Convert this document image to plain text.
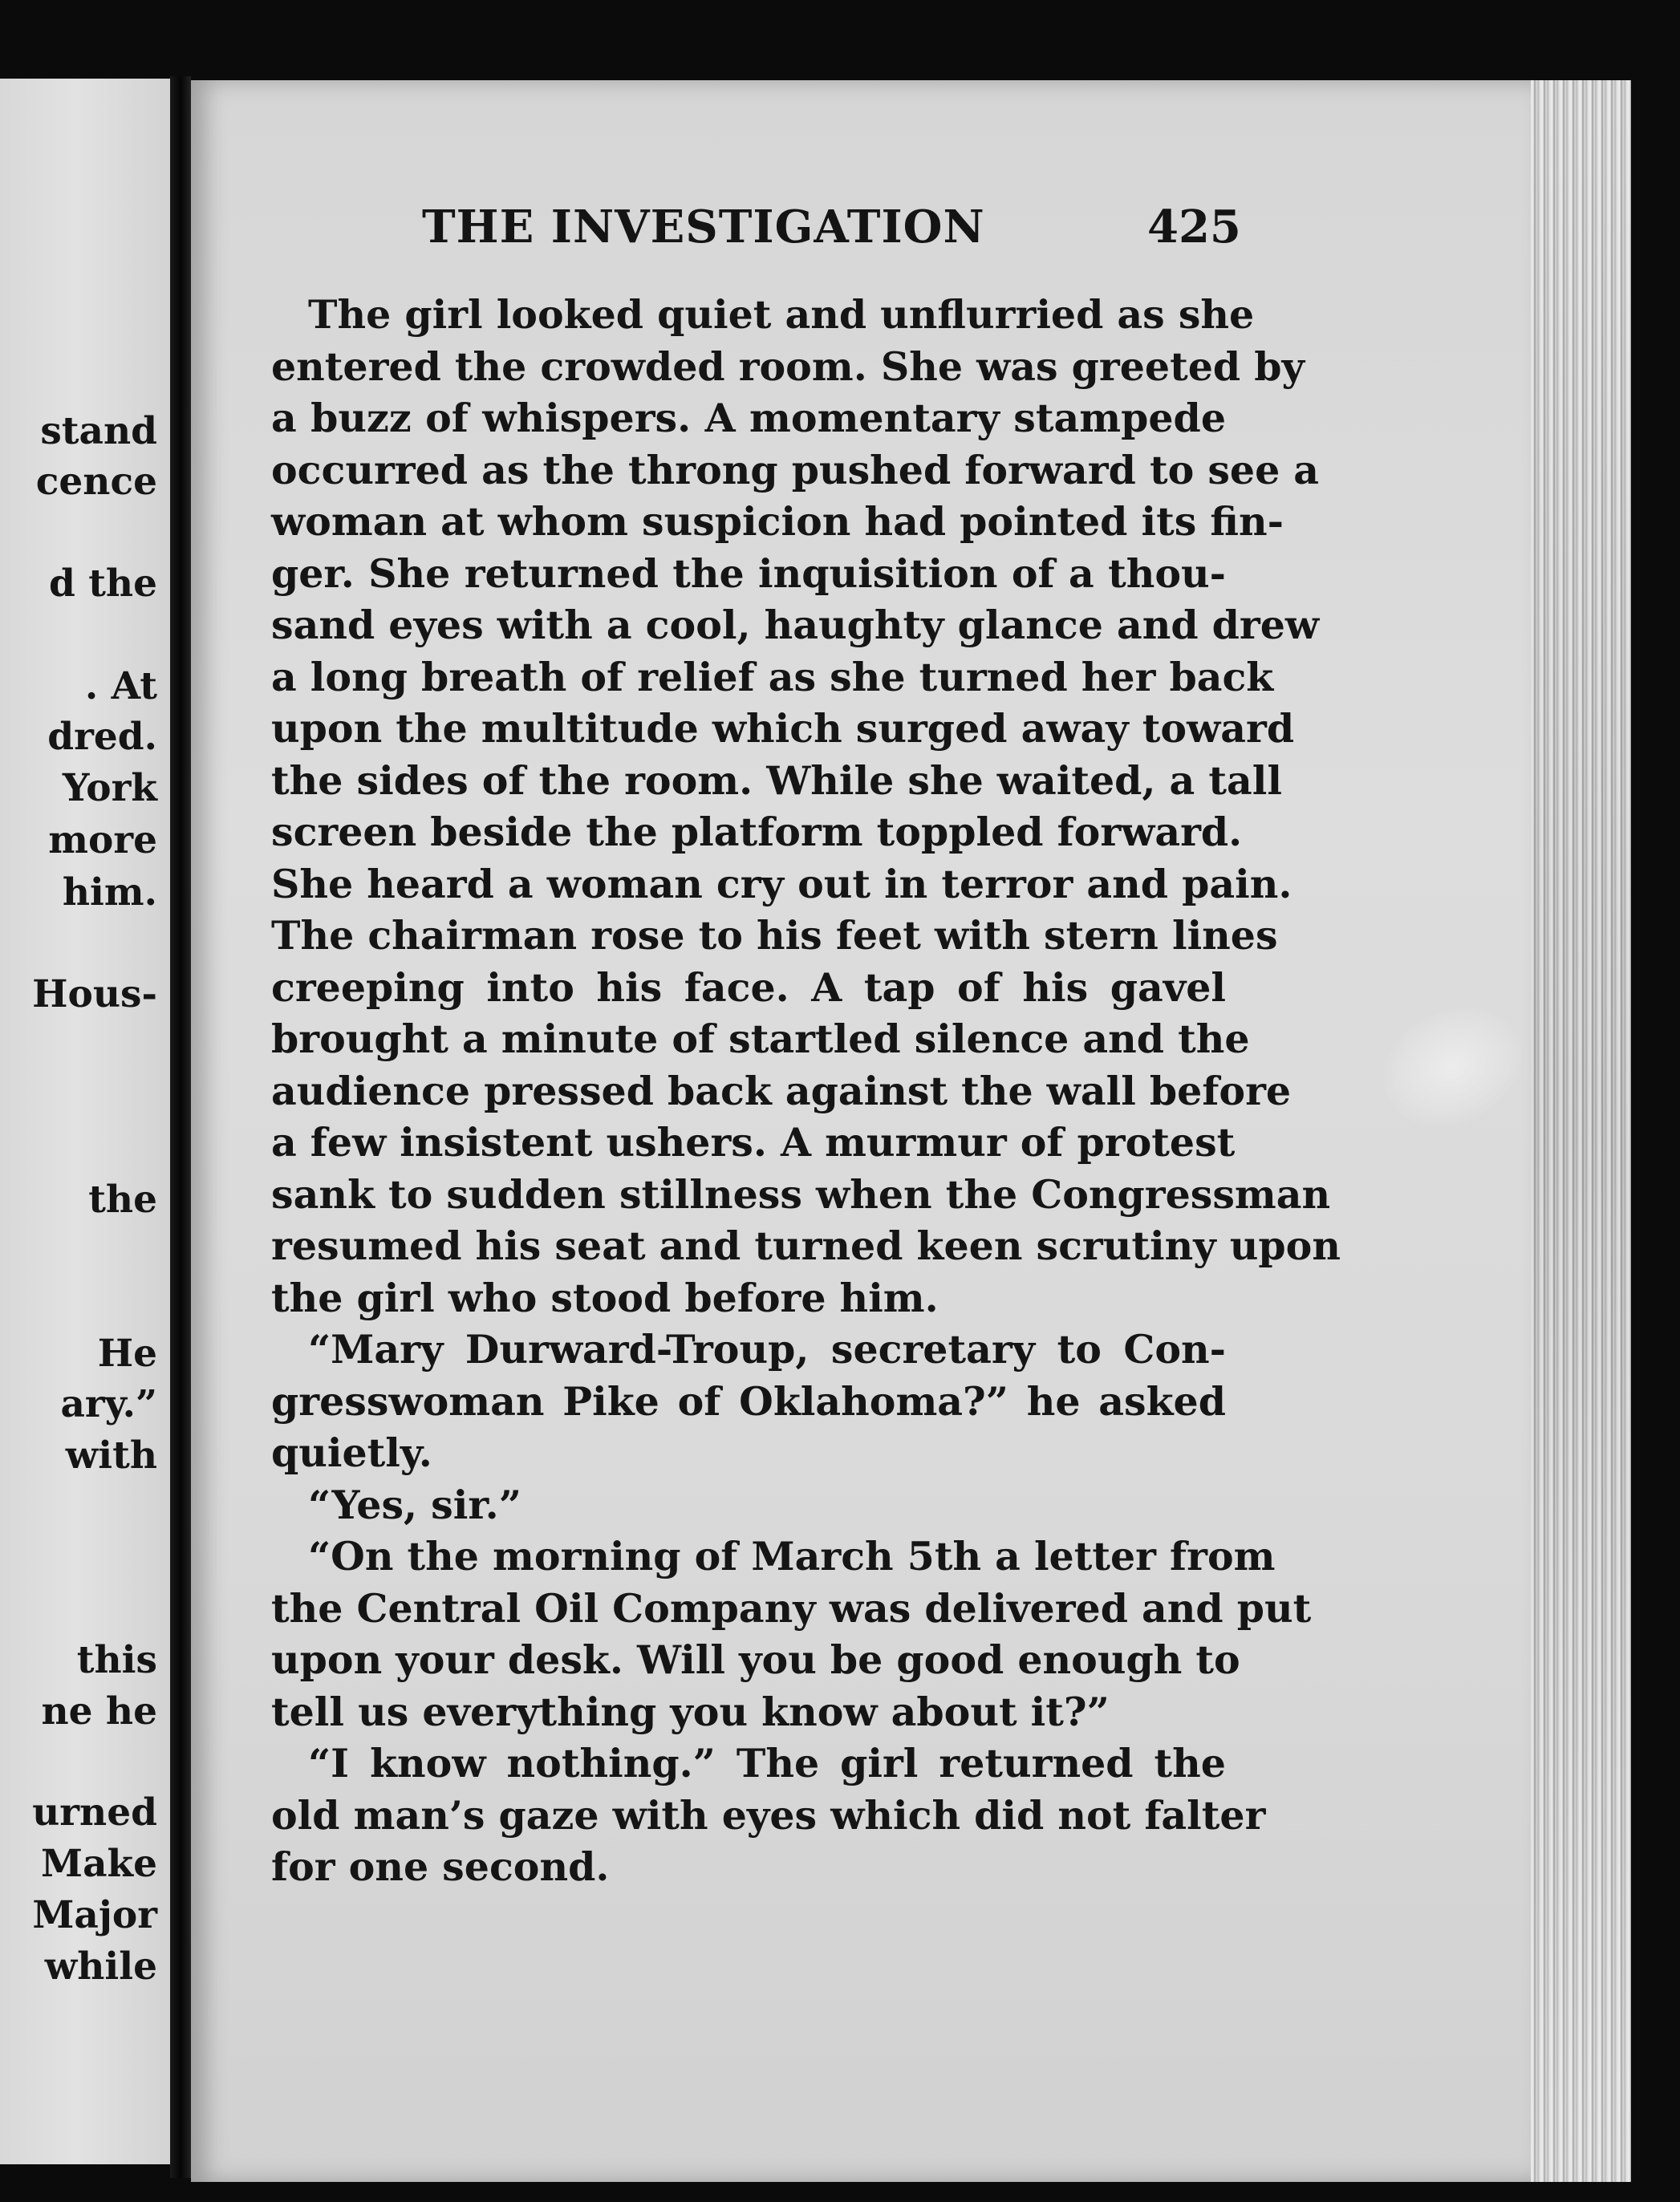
stand
cence
d the
. At
dred.
York
more
him.
Hous-
the
He
ary.”
with
this
ne he
urned
Make
Major
while
THE INVESTIGATION	425
The girl looked quiet and unflurried as she
entered the crowded room. She was greeted by
a buzz of whispers. A momentary stampede
occurred as the throng pushed forward to see a
woman at whom suspicion had pointed its fin-
ger. She returned the inquisition of a thou-
sand eyes with a cool, haughty glance and drew
a long breath of relief as she turned her back
upon the multitude which surged away toward
the sides of the room. While she waited, a tall
screen beside the platform toppled forward.
She heard a woman cry out in terror and pain.
The chairman rose to his feet with stern lines
creeping into his face. A tap of his gavel
brought a minute of startled silence and the
audience pressed back against the wall before
a few insistent ushers. A murmur of protest
sank to sudden stillness when the Congressman
resumed his seat and turned keen scrutiny upon
the girl who stood before him.
“Mary Durward-Troup, secretary to Con-
gresswoman Pike of Oklahoma?” he asked
quietly.
“Yes, sir.”
“On the morning of March 5th a letter from
the Central Oil Company was delivered and put
upon your desk. Will you be good enough to
tell us everything you know about it?”
“I know nothing.” The girl returned the
old man’s gaze with eyes which did not falter
for one second.
